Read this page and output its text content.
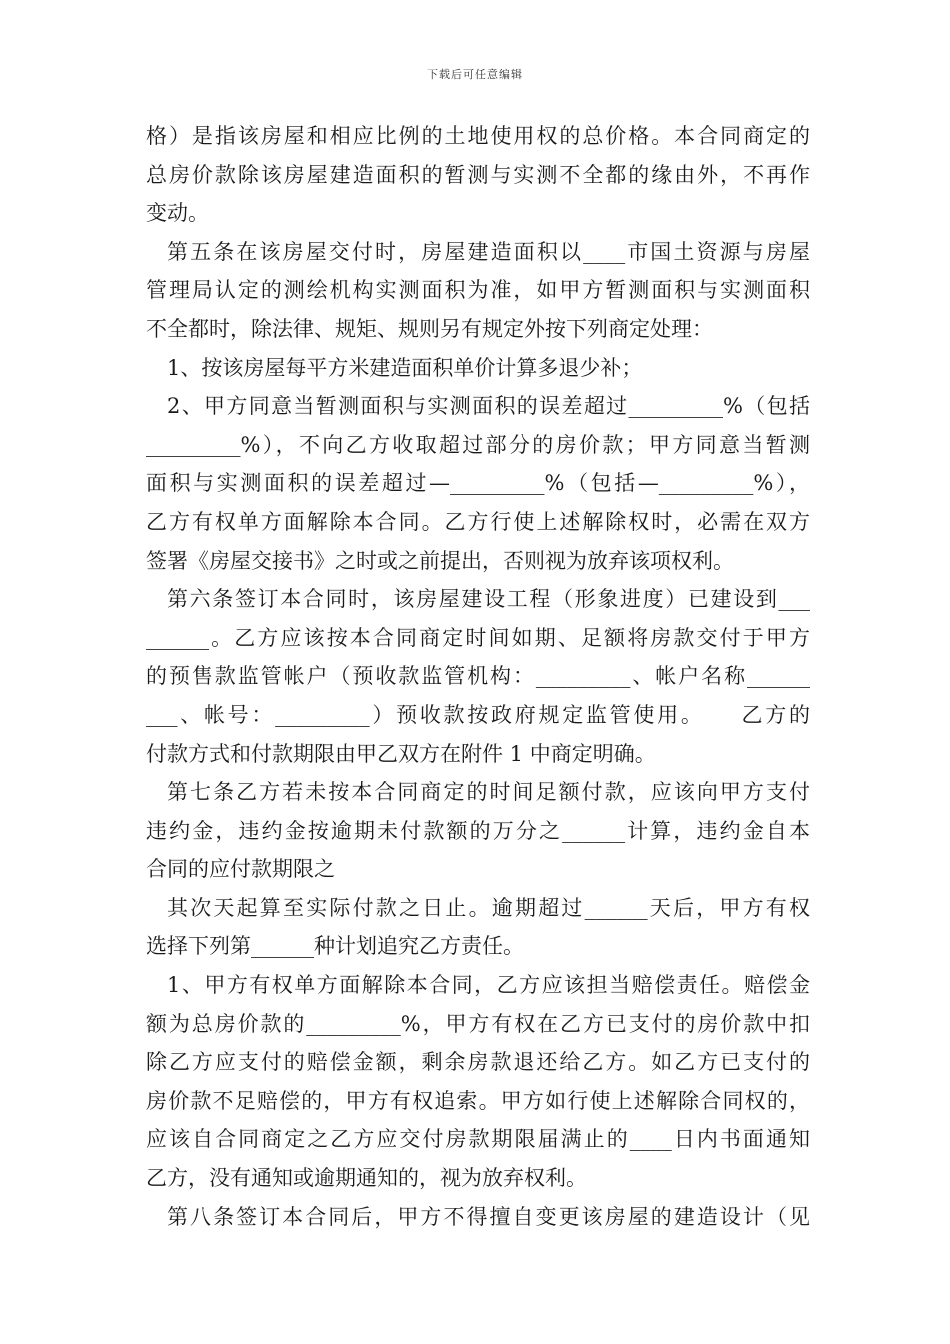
下载后可任意编辑
格）是指该房屋和相应比例的土地使用权的总价格。本合同商定的
总房价款除该房屋建造面积的暂测与实测不全都的缘由外，不再作
变动。
第五条在该房屋交付时，房屋建造面积以____市国土资源与房屋
管理局认定的测绘机构实测面积为准，如甲方暂测面积与实测面积
不全都时，除法律、规矩、规则另有规定外按下列商定处理：
1、按该房屋每平方米建造面积单价计算多退少补；
2、甲方同意当暂测面积与实测面积的误差超过_________%（包括
_________%），不向乙方收取超过部分的房价款；甲方同意当暂测
面积与实测面积的误差超过—_________%（包括—_________%），
乙方有权单方面解除本合同。乙方行使上述解除权时，必需在双方
签署《房屋交接书》之时或之前提出，否则视为放弃该项权利。
第六条签订本合同时，该房屋建设工程（形象进度）已建设到___
______。乙方应该按本合同商定时间如期、足额将房款交付于甲方
的预售款监管帐户（预收款监管机构：_________、帐户名称______
___、帐号：_________）预收款按政府规定监管使用。　　乙方的
付款方式和付款期限由甲乙双方在附件 1 中商定明确。
第七条乙方若未按本合同商定的时间足额付款，应该向甲方支付
违约金，违约金按逾期未付款额的万分之______计算，违约金自本
合同的应付款期限之
其次天起算至实际付款之日止。逾期超过______天后，甲方有权
选择下列第______种计划追究乙方责任。
1、甲方有权单方面解除本合同，乙方应该担当赔偿责任。赔偿金
额为总房价款的_________%，甲方有权在乙方已支付的房价款中扣
除乙方应支付的赔偿金额，剩余房款退还给乙方。如乙方已支付的
房价款不足赔偿的，甲方有权追索。甲方如行使上述解除合同权的，
应该自合同商定之乙方应交付房款期限届满止的____日内书面通知
乙方，没有通知或逾期通知的，视为放弃权利。
第八条签订本合同后，甲方不得擅自变更该房屋的建造设计（见
